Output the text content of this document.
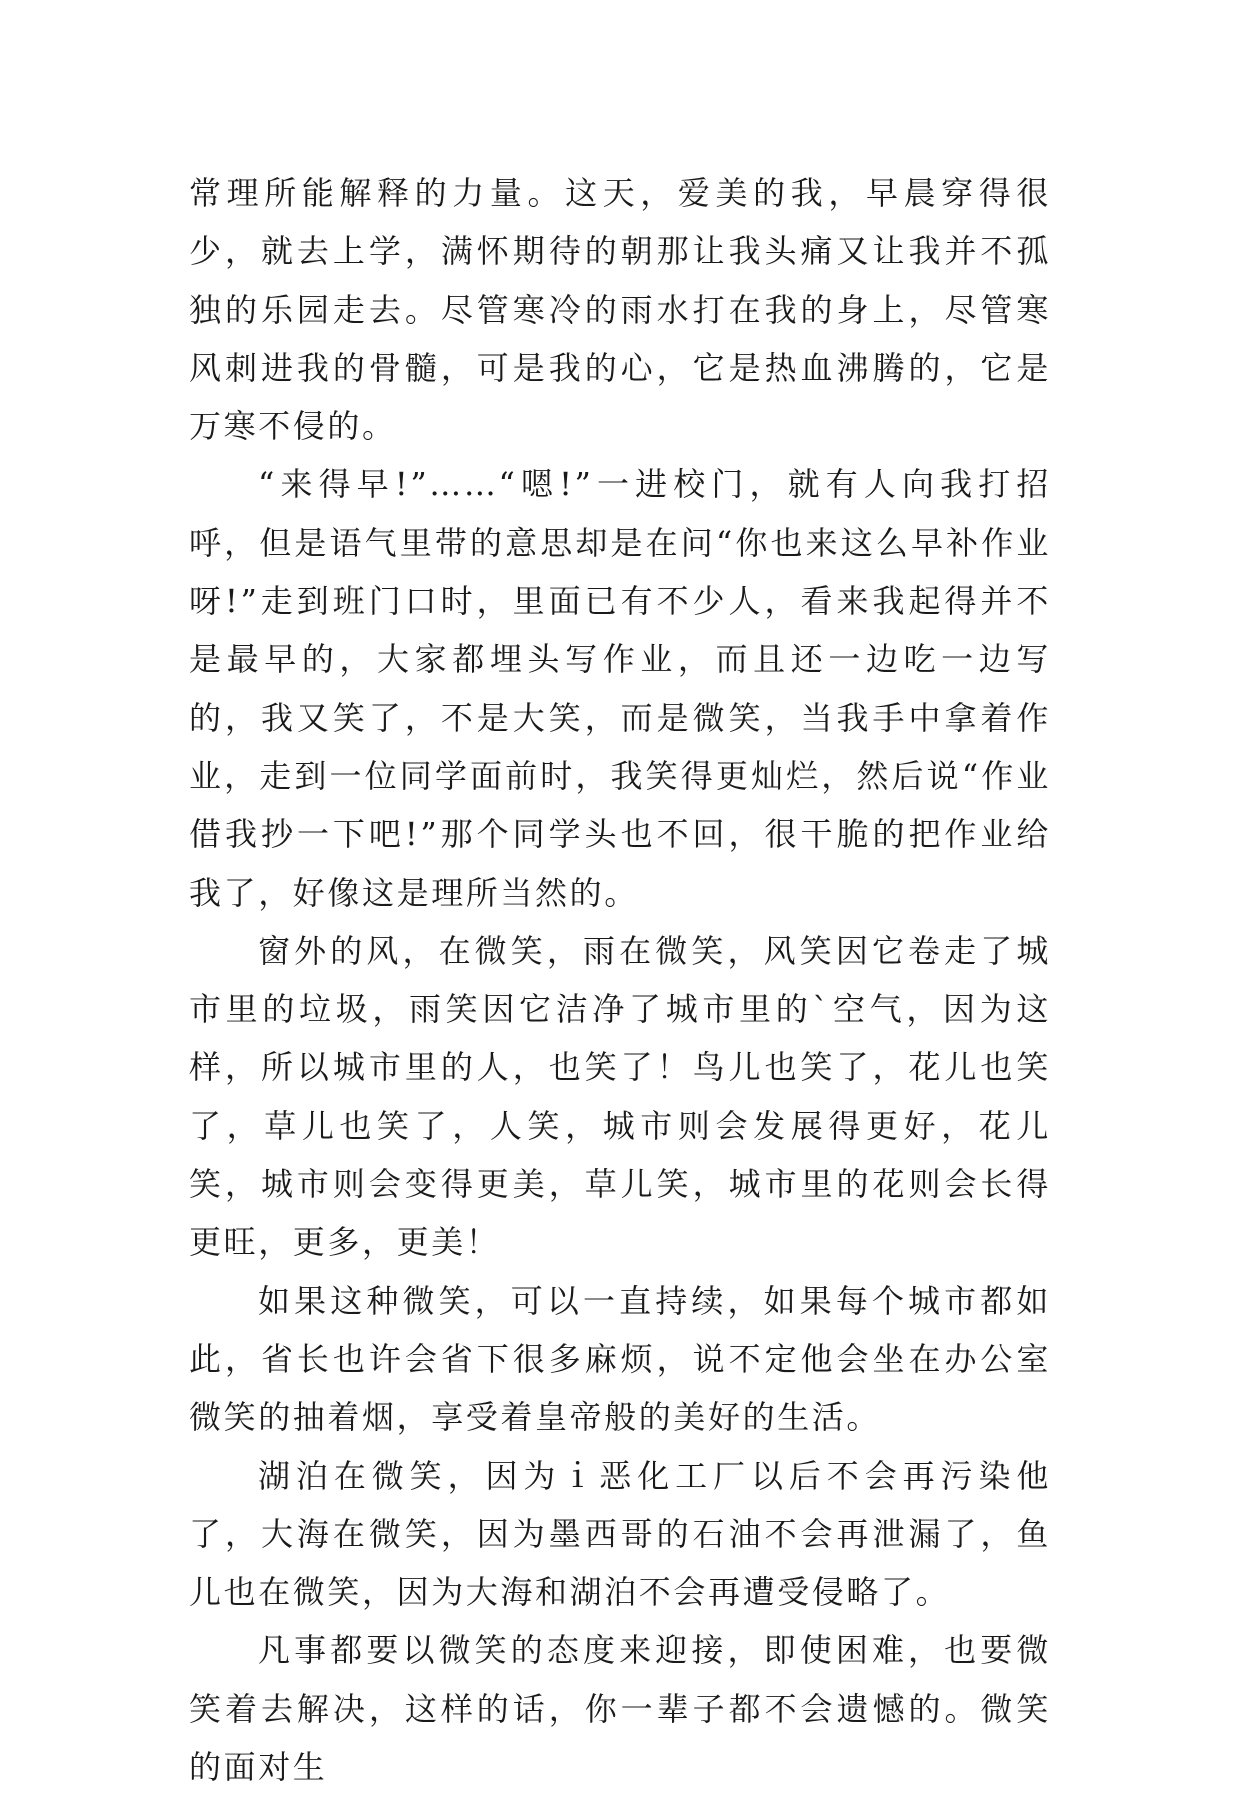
常理所能解释的力量。这天，爱美的我，早晨穿得很少，就去上学，满怀期待的朝那让我头痛又让我并不孤独的乐园走去。尽管寒冷的雨水打在我的身上，尽管寒风刺进我的骨髓，可是我的心，它是热血沸腾的，它是万寒不侵的。

“来得早!”……“嗯!”一进校门，就有人向我打招呼，但是语气里带的意思却是在问“你也来这么早补作业呀!”走到班门口时，里面已有不少人，看来我起得并不是最早的，大家都埋头写作业，而且还一边吃一边写的，我又笑了，不是大笑，而是微笑，当我手中拿着作业，走到一位同学面前时，我笑得更灿烂，然后说“作业借我抄一下吧!”那个同学头也不回，很干脆的把作业给我了，好像这是理所当然的。

窗外的风，在微笑，雨在微笑，风笑因它卷走了城市里的垃圾，雨笑因它洁净了城市里的`空气，因为这样，所以城市里的人，也笑了！鸟儿也笑了，花儿也笑了，草儿也笑了，人笑，城市则会发展得更好，花儿笑，城市则会变得更美，草儿笑，城市里的花则会长得更旺，更多，更美！

如果这种微笑，可以一直持续，如果每个城市都如此，省长也许会省下很多麻烦，说不定他会坐在办公室微笑的抽着烟，享受着皇帝般的美好的生活。

湖泊在微笑，因为ｉ恶化工厂以后不会再污染他了，大海在微笑，因为墨西哥的石油不会再泄漏了，鱼儿也在微笑，因为大海和湖泊不会再遭受侵略了。

凡事都要以微笑的态度来迎接，即使困难，也要微笑着去解决，这样的话，你一辈子都不会遗憾的。微笑的面对生
